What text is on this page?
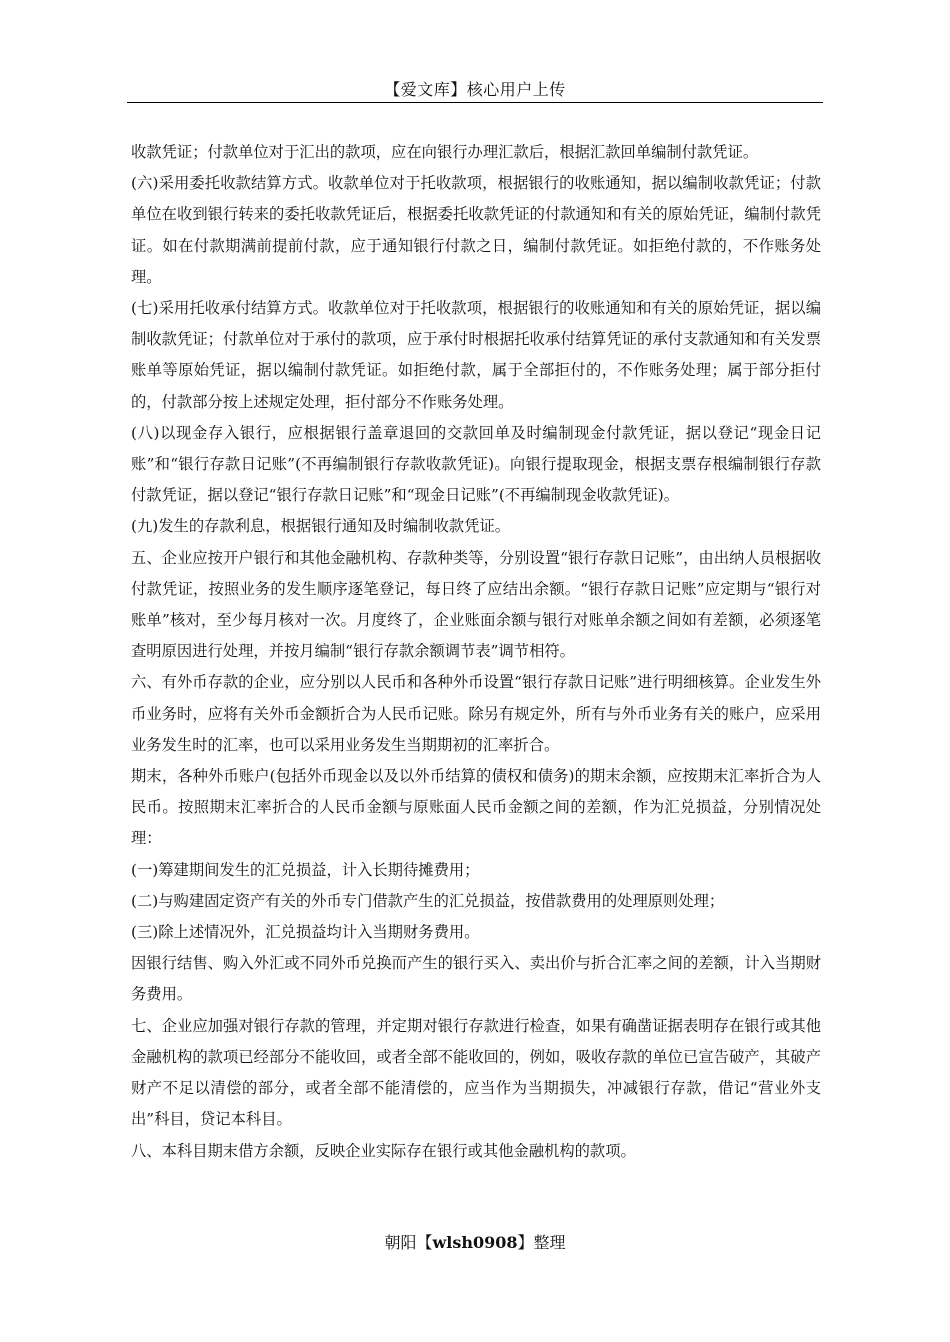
【爱文库】核心用户上传

收款凭证；付款单位对于汇出的款项，应在向银行办理汇款后，根据汇款回单编制付款凭证。

(六)采用委托收款结算方式。收款单位对于托收款项，根据银行的收账通知，据以编制收款凭证；付款单位在收到银行转来的委托收款凭证后，根据委托收款凭证的付款通知和有关的原始凭证，编制付款凭证。如在付款期满前提前付款，应于通知银行付款之日，编制付款凭证。如拒绝付款的，不作账务处理。

(七)采用托收承付结算方式。收款单位对于托收款项，根据银行的收账通知和有关的原始凭证，据以编制收款凭证；付款单位对于承付的款项，应于承付时根据托收承付结算凭证的承付支款通知和有关发票账单等原始凭证，据以编制付款凭证。如拒绝付款，属于全部拒付的，不作账务处理；属于部分拒付的，付款部分按上述规定处理，拒付部分不作账务处理。

(八)以现金存入银行，应根据银行盖章退回的交款回单及时编制现金付款凭证，据以登记“现金日记账”和“银行存款日记账”(不再编制银行存款收款凭证)。向银行提取现金，根据支票存根编制银行存款付款凭证，据以登记“银行存款日记账”和“现金日记账”(不再编制现金收款凭证)。

(九)发生的存款利息，根据银行通知及时编制收款凭证。

五、企业应按开户银行和其他金融机构、存款种类等，分别设置“银行存款日记账”，由出纳人员根据收付款凭证，按照业务的发生顺序逐笔登记，每日终了应结出余额。“银行存款日记账”应定期与“银行对账单”核对，至少每月核对一次。月度终了，企业账面余额与银行对账单余额之间如有差额，必须逐笔查明原因进行处理，并按月编制“银行存款余额调节表”调节相符。

六、有外币存款的企业，应分别以人民币和各种外币设置“银行存款日记账”进行明细核算。企业发生外币业务时，应将有关外币金额折合为人民币记账。除另有规定外，所有与外币业务有关的账户，应采用业务发生时的汇率，也可以采用业务发生当期期初的汇率折合。

期末，各种外币账户(包括外币现金以及以外币结算的债权和债务)的期末余额，应按期末汇率折合为人民币。按照期末汇率折合的人民币金额与原账面人民币金额之间的差额，作为汇兑损益，分别情况处理：

(一)筹建期间发生的汇兑损益，计入长期待摊费用；

(二)与购建固定资产有关的外币专门借款产生的汇兑损益，按借款费用的处理原则处理；

(三)除上述情况外，汇兑损益均计入当期财务费用。

因银行结售、购入外汇或不同外币兑换而产生的银行买入、卖出价与折合汇率之间的差额，计入当期财务费用。

七、企业应加强对银行存款的管理，并定期对银行存款进行检查，如果有确凿证据表明存在银行或其他金融机构的款项已经部分不能收回，或者全部不能收回的，例如，吸收存款的单位已宣告破产，其破产财产不足以清偿的部分，或者全部不能清偿的，应当作为当期损失，冲减银行存款，借记“营业外支出”科目，贷记本科目。

八、本科目期末借方余额，反映企业实际存在银行或其他金融机构的款项。

朝阳【wlsh0908】整理
